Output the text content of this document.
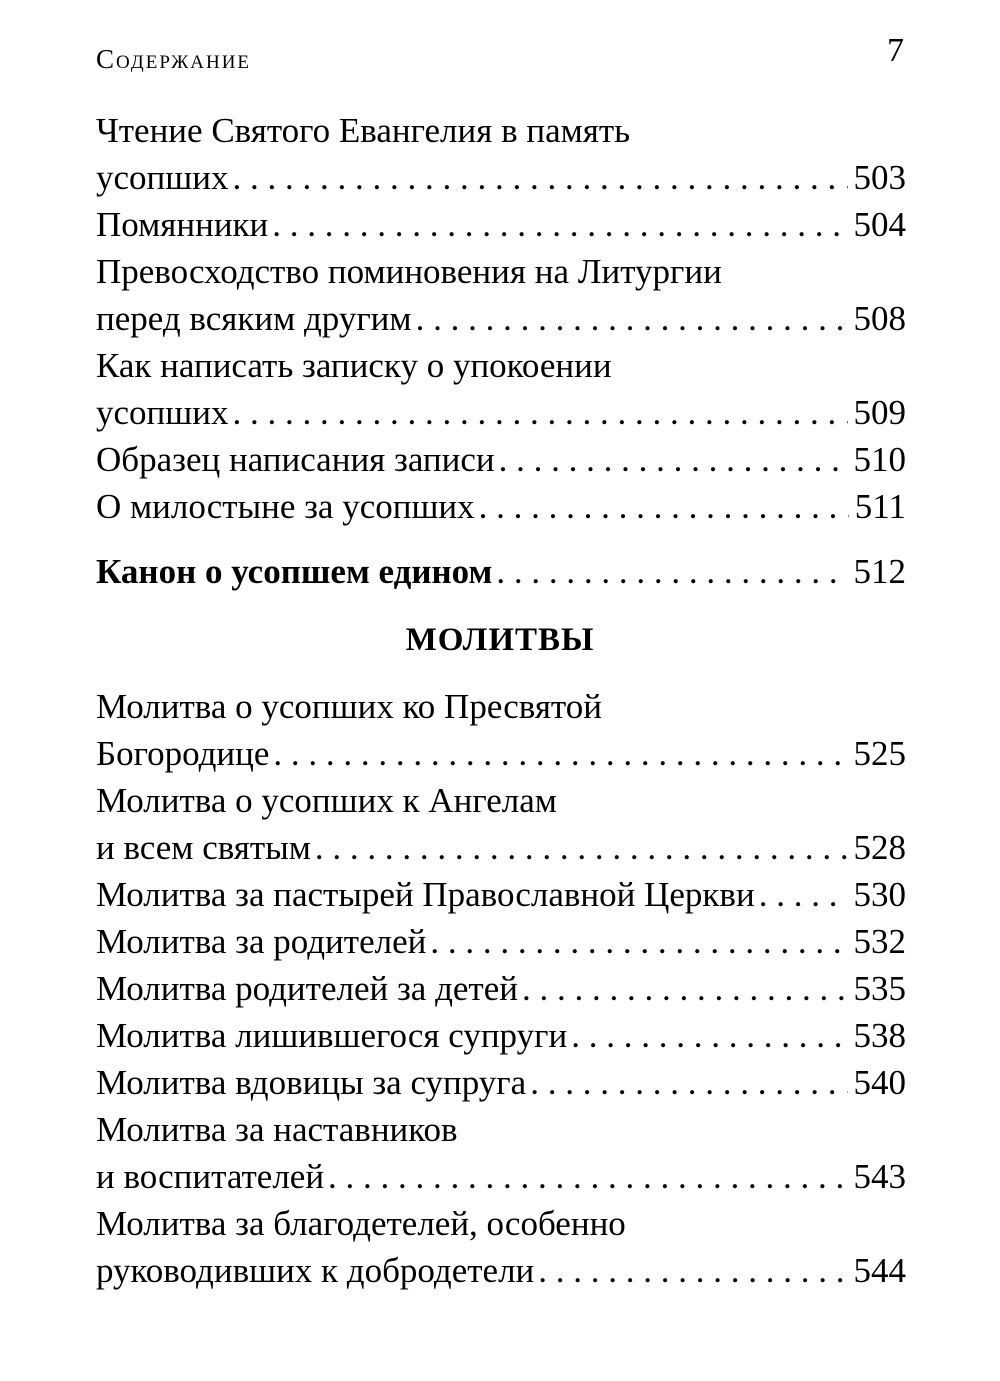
Содержание	7
Чтение Святого Евангелия в память
усопших . . .	503
Помянники . . .	504
Превосходство поминовения на Литургии
перед всяким другим . . .	508
Как написать записку о упокоении
усопших . . .	509
Образец написания записи . . .	510
О милостыне за усопших . . .	511
Канон о усопшем едином . . .	512
МОЛИТВЫ
Молитва о усопших ко Пресвятой
Богородице . . .	525
Молитва о усопших к Ангелам
и всем святым . . .	528
Молитва за пастырей Православной Церкви . . .	530
Молитва за родителей . . .	532
Молитва родителей за детей . . .	535
Молитва лишившегося супруги . . .	538
Молитва вдовицы за супруга . . .	540
Молитва за наставников
и воспитателей . . .	543
Молитва за благодетелей, особенно
руководивших к добродетели . . .	544
